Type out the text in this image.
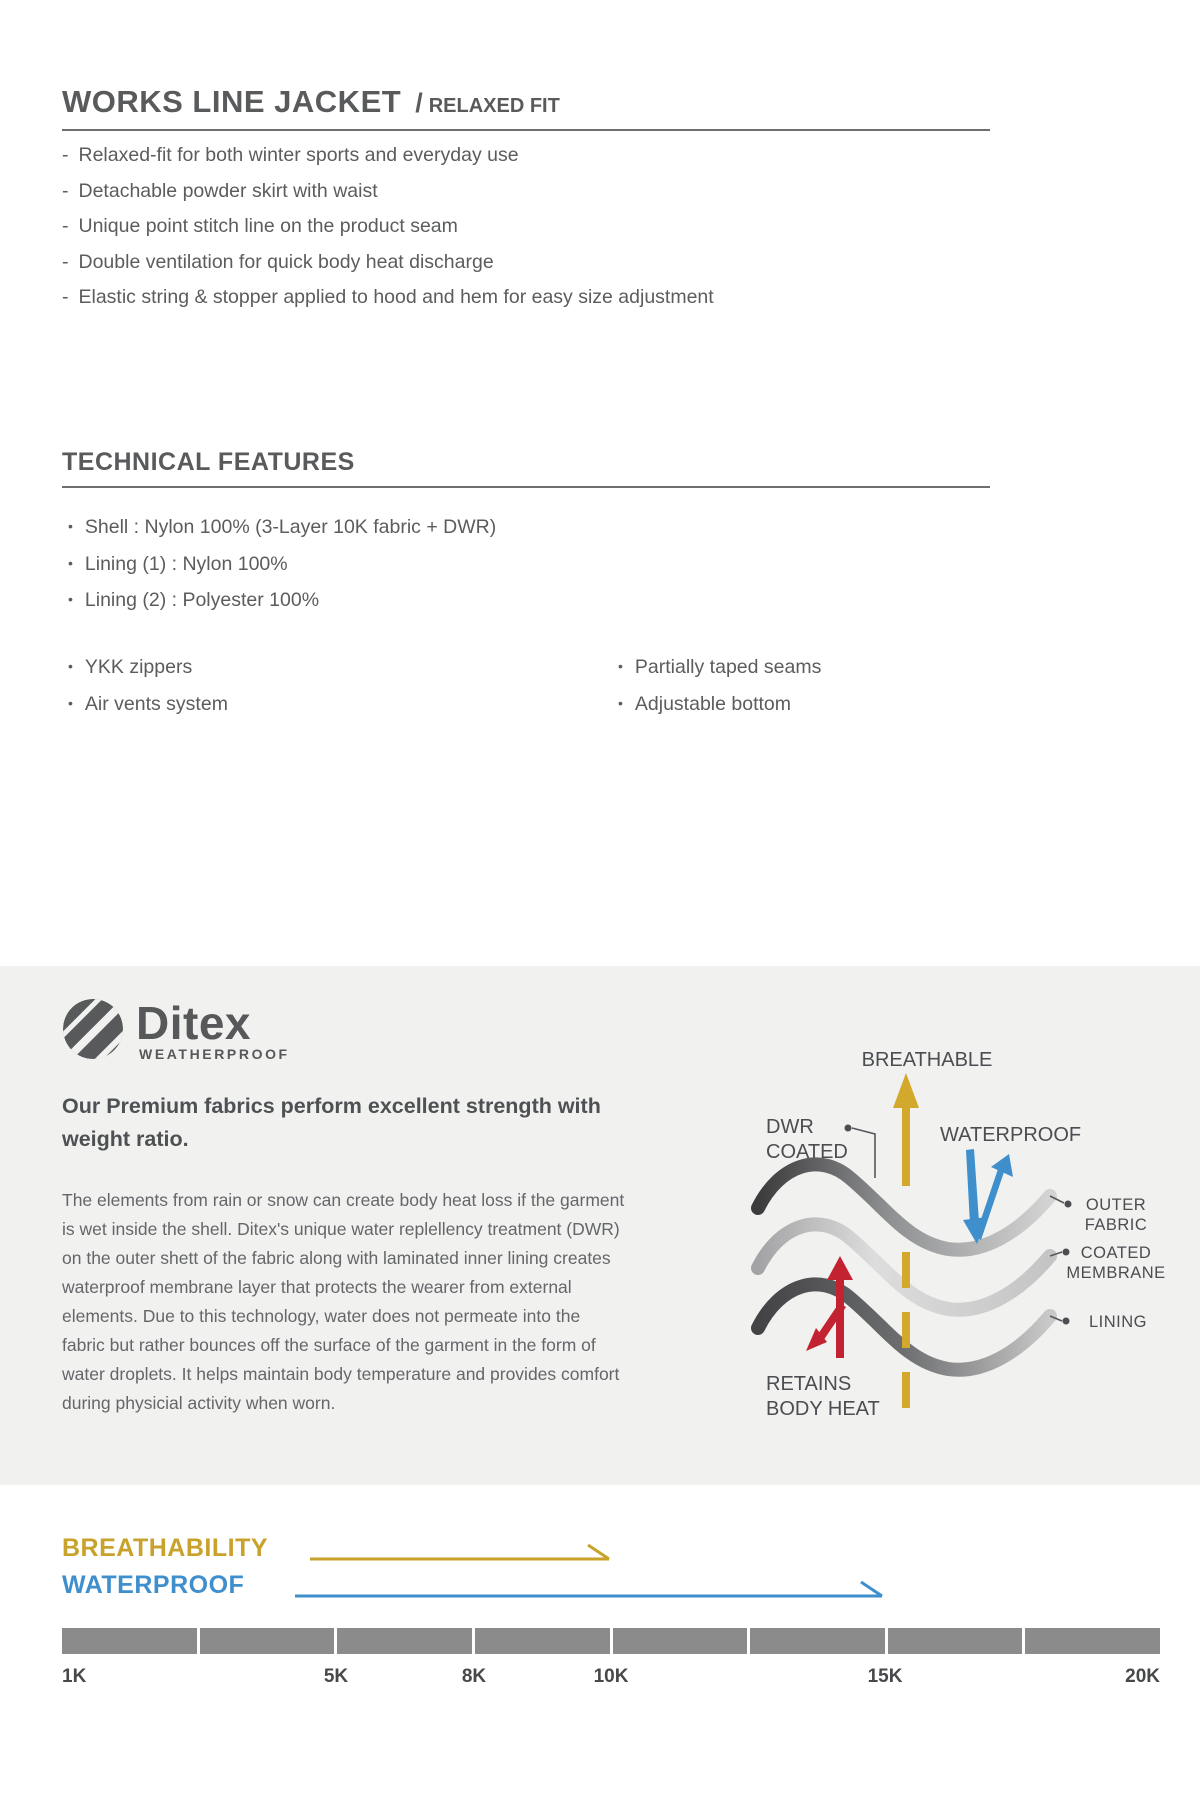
WORKS LINE JACKET / RELAXED FIT
- Relaxed-fit for both winter sports and everyday use
- Detachable powder skirt with waist
- Unique point stitch line on the product seam
- Double ventilation for quick body heat discharge
- Elastic string & stopper applied to hood and hem for easy size adjustment
TECHNICAL FEATURES
• Shell : Nylon 100% (3-Layer 10K fabric + DWR)
• Lining (1) : Nylon 100%
• Lining (2) : Polyester 100%
• YKK zippers
• Air vents system
• Partially taped seams
• Adjustable bottom
Ditex
WEATHERPROOF
Our Premium fabrics perform excellent strength with weight ratio.
The elements from rain or snow can create body heat loss if the garment is wet inside the shell. Ditex's unique water replellency treatment (DWR) on the outer shett of the fabric along with laminated inner lining creates waterproof membrane layer that protects the wearer from external elements. Due to this technology, water does not permeate into the fabric but rather bounces off the surface of the garment in the form of water droplets. It helps maintain body temperature and provides comfort during physicial activity when worn.
BREATHABLE
DWR
COATED
WATERPROOF
OUTER
FABRIC
COATED
MEMBRANE
LINING
RETAINS
BODY HEAT
BREATHABILITY
WATERPROOF
1K	5K	8K	10K	15K	20K
